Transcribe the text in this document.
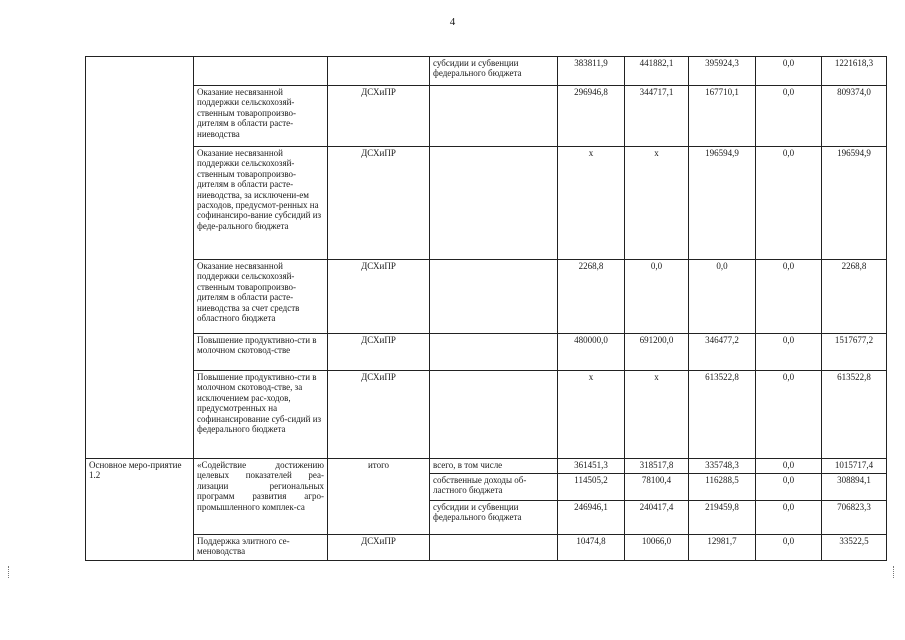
4
			субсидии и субвенции федерального бюджета	383811,9	441882,1	395924,3	0,0	1221618,3
	Оказание несвязанной поддержки сельскохозяй-ственным товаропроизво-дителям в области расте-ниеводства	ДСХиПР		296946,8	344717,1	167710,1	0,0	809374,0
	Оказание несвязанной поддержки сельскохозяй-ственным товаропроизво-дителям в области расте-ниеводства, за исключени-ем расходов, предусмот-ренных на софинансиро-вание субсидий из феде-рального бюджета	ДСХиПР		x	x	196594,9	0,0	196594,9
	Оказание несвязанной поддержки сельскохозяй-ственным товаропроизво-дителям в области расте-ниеводства за счет средств областного бюджета	ДСХиПР		2268,8	0,0	0,0	0,0	2268,8
	Повышение продуктивно-сти в молочном скотовод-стве	ДСХиПР		480000,0	691200,0	346477,2	0,0	1517677,2
	Повышение продуктивно-сти в молочном скотовод-стве, за исключением рас-ходов, предусмотренных на софинансирование суб-сидий из федерального бюджета	ДСХиПР		x	x	613522,8	0,0	613522,8
Основное меро-приятие 1.2	«Содействие достижению целевых показателей реа-лизации региональных программ развития агро-промышленного комплек-са	итого	всего, в том числе	361451,3	318517,8	335748,3	0,0	1015717,4
			собственные доходы об-ластного бюджета	114505,2	78100,4	116288,5	0,0	308894,1
			субсидии и субвенции федерального бюджета	246946,1	240417,4	219459,8	0,0	706823,3
	Поддержка элитного се-меноводства	ДСХиПР		10474,8	10066,0	12981,7	0,0	33522,5
